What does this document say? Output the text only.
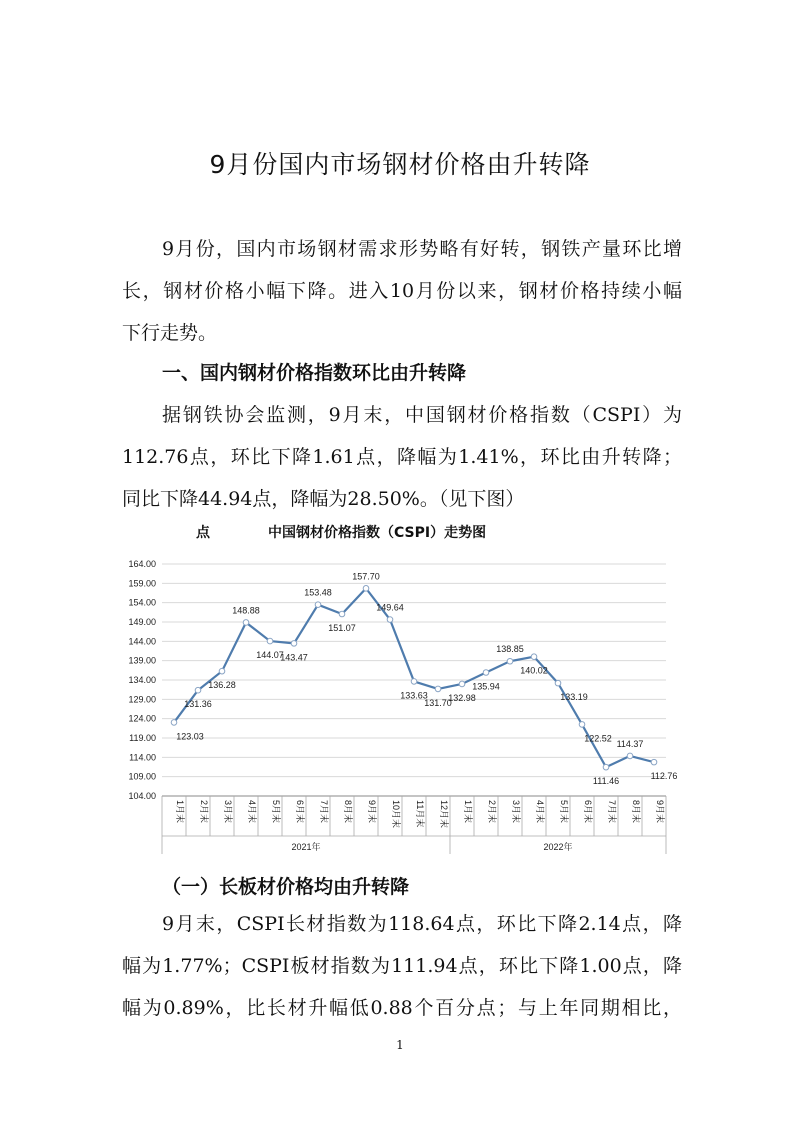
9月份国内市场钢材价格由升转降
9月份，国内市场钢材需求形势略有好转，钢铁产量环比增
长，钢材价格小幅下降。进入10月份以来，钢材价格持续小幅
下行走势。
一、国内钢材价格指数环比由升转降
据钢铁协会监测，9月末，中国钢材价格指数（CSPI）为
112.76点，环比下降1.61点，降幅为1.41%，环比由升转降；
同比下降44.94点，降幅为28.50%。（见下图）
点	中国钢材价格指数（CSPI）走势图
104.00
109.00
114.00
119.00
124.00
129.00
134.00
139.00
144.00
149.00
154.00
159.00
164.00
1月末 2月末 3月末 4月末 5月末 6月末 7月末 8月末 9月末 10月末 11月末 12月末 1月末 2月末 3月末 4月末 5月末 6月末 7月末 8月末 9月末
2021年	2022年
123.03
131.36
136.28
148.88
144.07
143.47
153.48
151.07
157.70
149.64
133.63
131.70
132.98
135.94
138.85
140.02
133.19
122.52
111.46
114.37
112.76
（一）长板材价格均由升转降
9月末，CSPI长材指数为118.64点，环比下降2.14点，降
幅为1.77%；CSPI板材指数为111.94点，环比下降1.00点，降
幅为0.89%，比长材升幅低0.88个百分点；与上年同期相比，
1
